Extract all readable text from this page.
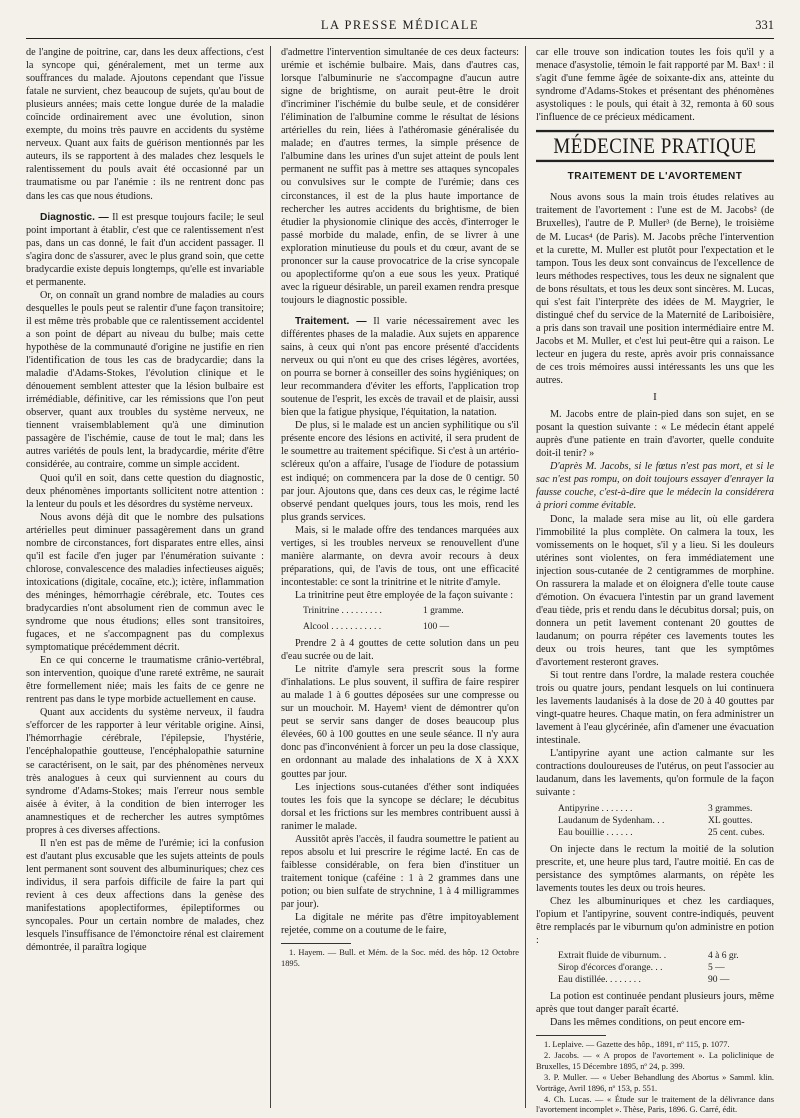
LA PRESSE MÉDICALE	331

de l'angine de poitrine, car, dans les deux affections, c'est la syncope qui, généralement, met un terme aux souffrances du malade. Ajoutons cependant que l'issue fatale ne survient, chez beaucoup de sujets, qu'au bout de plusieurs années; mais cette longue durée de la maladie coïncide ordinairement avec une évolution, sinon exempte, du moins très pauvre en accidents du système nerveux. Quant aux faits de guérison mentionnés par les auteurs, ils se rapportent à des malades chez lesquels le ralentissement du pouls avait été occasionné par un traumatisme ou par l'anémie : ils ne rentrent donc pas dans les cas que nous étudions.

Diagnostic. — Il est presque toujours facile; le seul point important à établir, c'est que ce ralentissement n'est pas, dans un cas donné, le fait d'un accident passager. Il s'agira donc de s'assurer, avec le plus grand soin, que cette bradycardie existe depuis longtemps, qu'elle est invariable et permanente.

Or, on connaît un grand nombre de maladies au cours desquelles le pouls peut se ralentir d'une façon transitoire; il est même très probable que ce ralentissement accidentel a son point de départ au niveau du bulbe; mais cette hypothèse de la communauté d'origine ne justifie en rien l'identification de tous les cas de bradycardie; dans la maladie d'Adams-Stokes, l'évolution clinique et le dénouement semblent attester que la lésion bulbaire est irrémédiable, définitive, car les rémissions que l'on peut observer, quant aux troubles du système nerveux, ne tiennent vraisemblablement qu'à une diminution passagère de l'ischémie, cause de tout le mal; dans les autres variétés de pouls lent, la bradycardie, mérite d'être considérée, au contraire, comme un simple accident.

Quoi qu'il en soit, dans cette question du diagnostic, deux phénomènes importants sollicitent notre attention : la lenteur du pouls et les désordres du système nerveux.

Nous avons déjà dit que le nombre des pulsations artérielles peut diminuer passagèrement dans un grand nombre de circonstances, fort disparates entre elles, ainsi qu'il est facile d'en juger par l'énumération suivante : chlorose, convalescence des maladies infectieuses aiguës; intoxications (digitale, cocaïne, etc.); ictère, inflammation des méninges, hémorrhagie cérébrale, etc. Toutes ces bradycardies n'ont absolument rien de commun avec le syndrome que nous étudions; elles sont transitoires, fugaces, et ne s'accompagnent pas du complexus symptomatique précédemment décrit.

En ce qui concerne le traumatisme crânio-vertébral, son intervention, quoique d'une rareté extrême, ne saurait être formellement niée; mais les faits de ce genre ne rentrent pas dans le type morbide actuellement en cause.

Quant aux accidents du système nerveux, il faudra s'efforcer de les rapporter à leur véritable origine. Ainsi, l'hémorrhagie cérébrale, l'épilepsie, l'hystérie, l'encéphalopathie goutteuse, l'encéphalopathie saturnine se caractérisent, on le sait, par des phénomènes nerveux très analogues à ceux qui surviennent au cours du syndrome d'Adams-Stokes; mais l'erreur nous semble aisée à éviter, à la condition de bien interroger les anamnestiques et de rechercher les autres symptômes propres à ces diverses affections.

Il n'en est pas de même de l'urémie; ici la confusion est d'autant plus excusable que les sujets atteints de pouls lent permanent sont souvent des albuminuriques; chez ces individus, il sera parfois difficile de faire la part qui revient à ces deux affections dans la genèse des manifestations apoplectiformes, épileptiformes ou syncopales. Pour un certain nombre de malades, chez lesquels l'insuffisance de l'émonctoire rénal est clairement démontrée, il paraîtra logique

d'admettre l'intervention simultanée de ces deux facteurs: urémie et ischémie bulbaire. Mais, dans d'autres cas, lorsque l'albuminurie ne s'accompagne d'aucun autre signe de brightisme, on aurait peut-être le droit d'incriminer l'ischémie du bulbe seule, et de considérer l'élimination de l'albumine comme le résultat de lésions artérielles du rein, liées à l'athéromasie généralisée du malade; en d'autres termes, la simple présence de l'albumine dans les urines d'un sujet atteint de pouls lent permanent ne suffit pas à mettre ses attaques syncopales ou convulsives sur le compte de l'urémie; dans ces circonstances, il est de la plus haute importance de rechercher les autres accidents du brightisme, de bien étudier la physionomie clinique des accès, d'interroger le passé morbide du malade, enfin, de se livrer à une exploration minutieuse du pouls et du cœur, avant de se prononcer sur la cause provocatrice de la crise syncopale ou apoplectiforme qu'on a eue sous les yeux. Pratiqué avec la rigueur désirable, un pareil examen rendra presque toujours le diagnostic possible.

Traitement. — Il varie nécessairement avec les différentes phases de la maladie. Aux sujets en apparence sains, à ceux qui n'ont pas encore présenté d'accidents nerveux ou qui n'ont eu que des crises légères, avortées, on pourra se borner à conseiller des soins hygiéniques; on leur recommandera d'éviter les efforts, l'application trop soutenue de l'esprit, les excès de travail et de plaisir, aussi bien que la fatigue physique, l'équitation, la natation.

De plus, si le malade est un ancien syphilitique ou s'il présente encore des lésions en activité, il sera prudent de le soumettre au traitement spécifique. Si c'est à un artério-scléreux qu'on a affaire, l'usage de l'iodure de potassium est indiqué; on commencera par la dose de 0 centigr. 50 par jour. Ajoutons que, dans ces deux cas, le régime lacté observé pendant quelques jours, tous les mois, rend les plus grands services.

Mais, si le malade offre des tendances marquées aux vertiges, si les troubles nerveux se renouvellent d'une manière alarmante, on devra avoir recours à deux préparations, qui, de l'avis de tous, ont une efficacité incontestable: ce sont la trinitrine et le nitrite d'amyle.

La trinitrine peut être employée de la façon suivante :

Trinitrine . . . . . . . . .	1 gramme.
Alcool . . . . . . . . . . .	100 —

Prendre 2 à 4 gouttes de cette solution dans un peu d'eau sucrée ou de lait.

Le nitrite d'amyle sera prescrit sous la forme d'inhalations. Le plus souvent, il suffira de faire respirer au malade 1 à 6 gouttes déposées sur une compresse ou sur un mouchoir. M. Hayem¹ vient de démontrer qu'on peut se servir sans danger de doses beaucoup plus élevées, 60 à 100 gouttes en une seule séance. Il n'y aura donc pas d'inconvénient à forcer un peu la dose classique, en ordonnant au malade des inhalations de X à XXX gouttes par jour.

Les injections sous-cutanées d'éther sont indiquées toutes les fois que la syncope se déclare; le décubitus dorsal et les frictions sur les membres contribuent aussi à ranimer le malade.

Aussitôt après l'accès, il faudra soumettre le patient au repos absolu et lui prescrire le régime lacté. En cas de faiblesse considérable, on fera bien d'instituer un traitement tonique (caféine : 1 à 2 grammes dans une potion; ou bien sulfate de strychnine, 1 à 4 milligrammes par jour).

La digitale ne mérite pas d'être impitoyablement rejetée, comme on a coutume de le faire,

1. Hayem. — Bull. et Mém. de la Soc. méd. des hôp. 12 Octobre 1895.

car elle trouve son indication toutes les fois qu'il y a menace d'asystolie, témoin le fait rapporté par M. Bax¹ : il s'agit d'une femme âgée de soixante-dix ans, atteinte du syndrome d'Adams-Stokes et présentant des phénomènes asystoliques : le pouls, qui était à 32, remonta à 60 sous l'influence de ce précieux médicament.

MÉDECINE PRATIQUE
TRAITEMENT DE L'AVORTEMENT

Nous avons sous la main trois études relatives au traitement de l'avortement : l'une est de M. Jacobs² (de Bruxelles), l'autre de P. Muller³ (de Berne), le troisième de M. Lucas⁴ (de Paris). M. Jacobs prêche l'intervention et la curette, M. Muller est plutôt pour l'expectation et le tampon. Tous les deux sont convaincus de l'excellence de leurs méthodes respectives, tous les deux ne signalent que de bons résultats, et tous les deux sont sincères. M. Lucas, qui s'est fait l'interprète des idées de M. Maygrier, le distingué chef du service de la Maternité de Lariboisière, a pris dans son travail une position intermédiaire entre M. Jacobs et M. Muller, et c'est lui peut-être qui a raison. Le lecteur en jugera du reste, après avoir pris connaissance de ces trois mémoires aussi intéressants les uns que les autres.

I

M. Jacobs entre de plain-pied dans son sujet, en se posant la question suivante : « Le médecin étant appelé auprès d'une patiente en train d'avorter, quelle conduite doit-il tenir? »

D'après M. Jacobs, si le fœtus n'est pas mort, et si le sac n'est pas rompu, on doit toujours essayer d'enrayer la fausse couche, c'est-à-dire que le médecin la considérera à priori comme évitable.

Donc, la malade sera mise au lit, où elle gardera l'immobilité la plus complète. On calmera la toux, les vomissements on le hoquet, s'il y a lieu. Si les douleurs utérines sont violentes, on fera immédiatement une injection sous-cutanée de 2 centigrammes de morphine. On rassurera la malade et on éloignera d'elle toute cause d'émotion. On évacuera l'intestin par un grand lavement d'eau tiède, pris et rendu dans le décubitus dorsal; puis, on donnera un petit lavement contenant 20 gouttes de laudanum; on pourra répéter ces lavements toutes les deux ou trois heures, tant que les symptômes d'avortement resteront graves.

Si tout rentre dans l'ordre, la malade restera couchée trois ou quatre jours, pendant lesquels on lui continuera les lavements laudanisés à la dose de 20 à 40 gouttes par vingt-quatre heures. Chaque matin, on fera administrer un lavement à l'eau glycérinée, afin d'amener une évacuation intestinale.

L'antipyrine ayant une action calmante sur les contractions douloureuses de l'utérus, on peut l'associer au laudanum, dans les lavements, qu'on formule de la façon suivante :

Antipyrine . . . . . . .	3 grammes.
Laudanum de Sydenham. . .	XL gouttes.
Eau bouillie . . . . . .	25 cent. cubes.

On injecte dans le rectum la moitié de la solution prescrite, et, une heure plus tard, l'autre moitié. En cas de persistance des symptômes alarmants, on répète les lavements toutes les deux ou trois heures.

Chez les albuminuriques et chez les cardiaques, l'opium et l'antipyrine, souvent contre-indiqués, peuvent être remplacés par le viburnum qu'on administre en potion :

Extrait fluide de viburnum. .	4 à 6 gr.
Sirop d'écorces d'orange. . .	5 —
Eau distillée. . . . . . . .	90 —

La potion est continuée pendant plusieurs jours, même après que tout danger paraît écarté.

Dans les mêmes conditions, on peut encore em-

1. Leplaive. — Gazette des hôp., 1891, nº 115, p. 1077.

2. Jacobs. — « A propos de l'avortement ». La policlinique de Bruxelles, 15 Décembre 1895, nº 24, p. 399.

3. P. Muller. — « Ueber Behandlung des Abortus » Samml. klin. Vorträge, Avril 1896, nº 153, p. 551.

4. Ch. Lucas. — « Étude sur le traitement de la délivrance dans l'avortement incomplet ». Thèse, Paris, 1896. G. Carré, édit.
